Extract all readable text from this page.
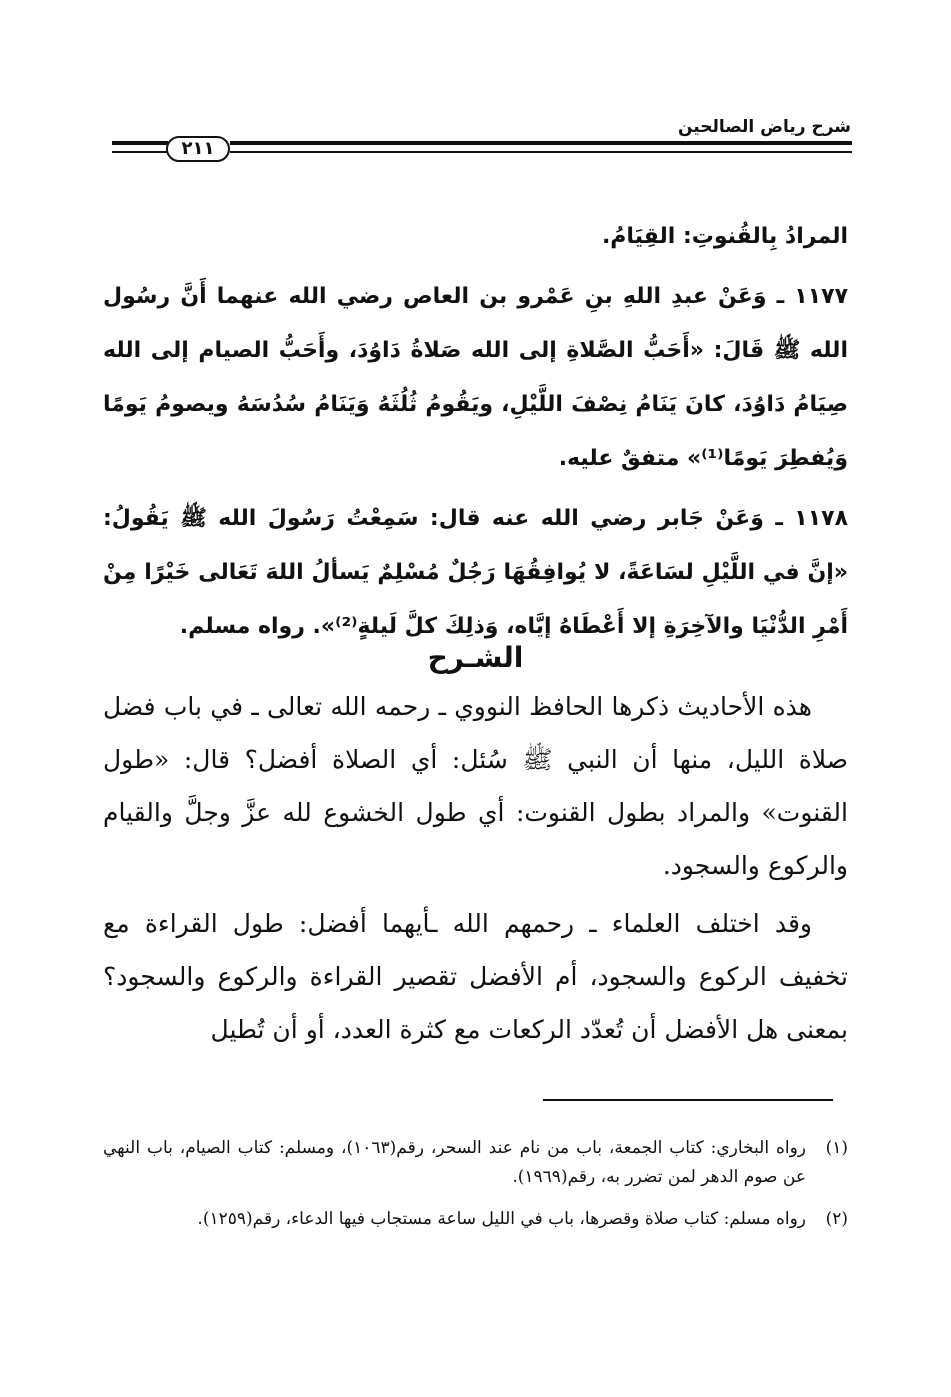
شرح رياض الصالحين
٢١١

المرادُ بِالقُنوتِ: القِيَامُ.

١١٧٧ ـ وَعَنْ عبدِ اللهِ بنِ عَمْرو بن العاص رضي الله عنهما أَنَّ رسُول الله ﷺ قَالَ: «أَحَبُّ الصَّلاةِ إلى الله صَلاةُ دَاوُدَ، وأَحَبُّ الصيام إلى الله صِيَامُ دَاوُدَ، كانَ يَنَامُ نِصْفَ اللَّيْلِ، ويَقُومُ ثُلُثَهُ وَيَنَامُ سُدُسَهُ ويصومُ يَومًا وَيُفطِرَ يَومًا⁽¹⁾» متفقٌ عليه.

١١٧٨ ـ وَعَنْ جَابر رضي الله عنه قال: سَمِعْتُ رَسُولَ الله ﷺ يَقُولُ: «إنَّ في اللَّيْلِ لسَاعَةً، لا يُوافِقُهَا رَجُلٌ مُسْلِمٌ يَسألُ اللهَ تَعَالى خَيْرًا مِنْ أَمْرِ الدُّنْيَا والآخِرَةِ إلا أَعْطَاهُ إيَّاه، وَذلِكَ كلَّ لَيلةٍ⁽²⁾». رواه مسلم.

الشـرح

هذه الأحاديث ذكرها الحافظ النووي ـ رحمه الله تعالى ـ في باب فضل صلاة الليل، منها أن النبي ﷺ سُئل: أي الصلاة أفضل؟ قال: «طول القنوت» والمراد بطول القنوت: أي طول الخشوع لله عزَّ وجلَّ والقيام والركوع والسجود.

وقد اختلف العلماء ـ رحمهم الله ـأيهما أفضل: طول القراءة مع تخفيف الركوع والسجود، أم الأفضل تقصير القراءة والركوع والسجود؟ بمعنى هل الأفضل أن تُعدّد الركعات مع كثرة العدد، أو أن تُطيل

(١)
رواه البخاري: كتاب الجمعة، باب من نام عند السحر، رقم(١٠٦٣)، ومسلم: كتاب الصيام، باب النهي عن صوم الدهر لمن تضرر به، رقم(١٩٦٩).
(٢)
رواه مسلم: كتاب صلاة وقصرها، باب في الليل ساعة مستجاب فيها الدعاء، رقم(١٢٥٩).
